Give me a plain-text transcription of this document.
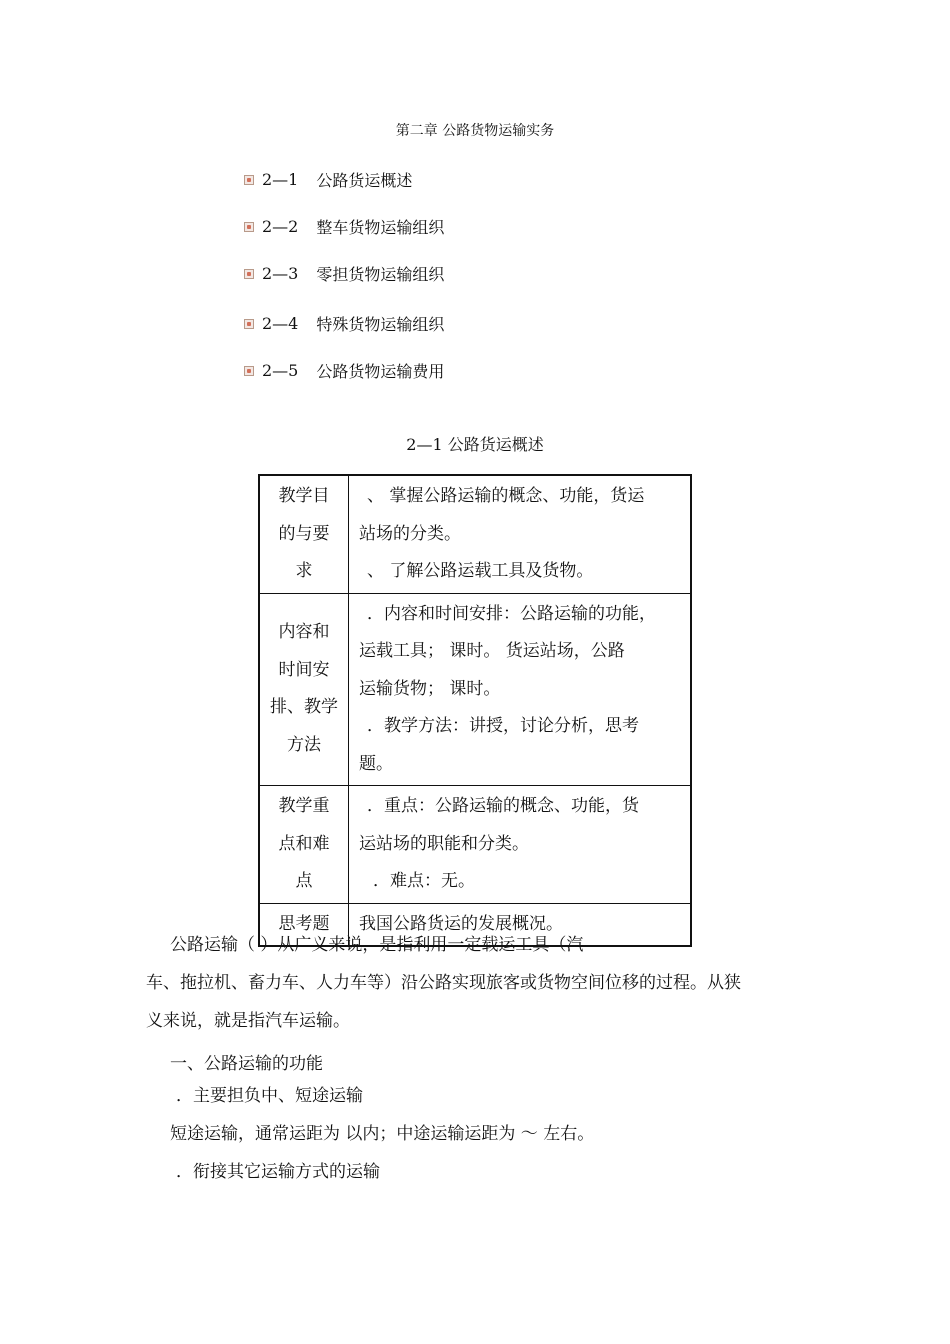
第二章 公路货物运输实务
2—1 公路货运概述
2—2 整车货物运输组织
2—3 零担货物运输组织
2—4 特殊货物运输组织
2—5 公路货物运输费用
2—1 公路货运概述
教学目
的与要
求	、 掌握公路运输的概念、功能，货运
站场的分类。
、 了解公路运载工具及货物。

内容和
时间安
排、教学
方法	．内容和时间安排：公路运输的功能，
运载工具； 课时。 货运站场，公路
运输货物； 课时。
．教学方法：讲授，讨论分析，思考
题。

教学重
点和难
点	．重点：公路运输的概念、功能，货
运站场的职能和分类。
．难点：无。

思考题	我国公路货运的发展概况。
公路运输（ ）从广义来说，是指利用一定载运工具（汽
车、拖拉机、畜力车、人力车等）沿公路实现旅客或货物空间位移的过程。从狭
义来说，就是指汽车运输。
一、公路运输的功能
．主要担负中、短途运输
短途运输，通常运距为 以内；中途运输运距为 ～ 左右。
．衔接其它运输方式的运输
